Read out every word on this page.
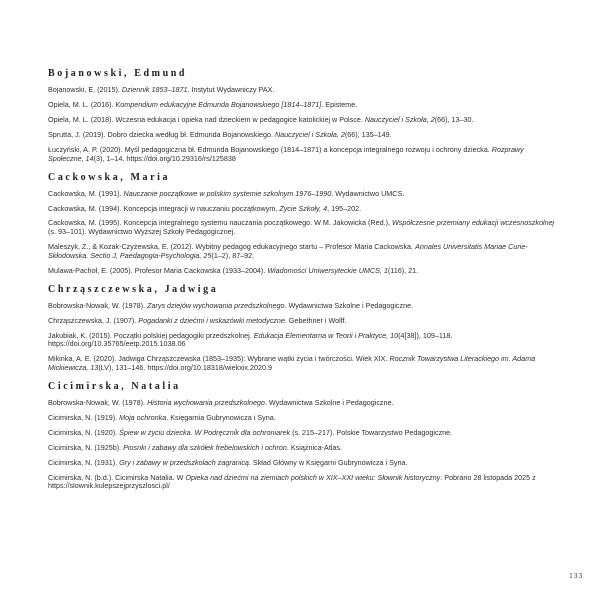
Bojanowski, Edmund
Bojanowski, E. (2015). Dziennik 1853–1871. Instytut Wydawniczy PAX.
Opiela, M. L. (2016). Kompendium edukacyjne Edmunda Bojanowskiego [1814–1871]. Episteme.
Opiela, M. L. (2018). Wczesna edukacja i opieka nad dzieckiem w pedagogice katolickiej w Polsce. Nauczyciel i Szkoła, 2(66), 13–30.
Sprutta, J. (2019). Dobro dziecka według bł. Edmunda Bojanowskiego. Nauczyciel i Szkoła, 2(66), 135–149.
Łuczyński, A. P. (2020). Myśl pedagogiczna bł. Edmunda Bojanowskiego (1814–1871) a koncepcja integralnego rozwoju i ochrony dziecka. Rozprawy Społeczne, 14(3), 1–14. https://doi.org/10.29316/rs/125838
Cackowska, Maria
Cackowska, M. (1991). Nauczanie początkowe w polskim systemie szkolnym 1976–1990. Wydawnictwo UMCS.
Cackowska, M. (1994). Koncepcja integracji w nauczaniu początkowym. Życie Szkoły, 4, 195–202.
Cackowska, M. (1995). Koncepcja integralnego systemu nauczania początkowego. W M. Jakowicka (Red.), Współczesne przemiany edukacji wczesnoszkolnej (s. 93–101). Wydawnictwo Wyższej Szkoły Pedagogicznej.
Maleszyk, Z., & Kozak-Czyżewska, E. (2012). Wybitny pedagog edukacyjnego startu – Profesor Maria Cackowska. Annales Universitatis Mariae Curie-Skłodowska. Sectio J, Paedagogia-Psychologia, 25(1–2), 87–92.
Mulawa-Pachoł, E. (2005). Profesor Maria Cackowska (1933–2004). Wiadomości Uniwersyteckie UMCS, 1(116), 21.
Chrząszczewska, Jadwiga
Bobrowska-Nowak, W. (1978). Zarys dziejów wychowania przedszkolnego. Wydawnictwa Szkolne i Pedagogiczne.
Chrząszczewska, J. (1907). Pogadanki z dziećmi i wskazówki metodyczne. Gebethner i Wolff.
Jakubiak, K. (2015). Początki polskiej pedagogiki przedszkolnej. Edukacja Elementarna w Teorii i Praktyce, 10(4[38]), 109–118. https://doi.org/10.35765/eetp.2015.1038.06
Mikinka, A. E. (2020). Jadwiga Chrząszczewska (1853–1935): Wybrane wątki życia i twórczości. Wiek XIX. Rocznik Towarzystwa Literackiego im. Adama Mickiewicza, 13(LV), 131–146. https://doi.org/10.18318/wiekxix.2020.9
Cicimirska, Natalia
Bobrowska-Nowak, W. (1978). Historia wychowania przedszkolnego. Wydawnictwa Szkolne i Pedagogiczne.
Cicimirska, N. (1919). Moja ochronka. Księgarnia Gubrynowicza i Syna.
Cicimirska, N. (1920). Śpiew w życiu dziecka. W Podręcznik dla ochroniarek (s. 215–217). Polskie Towarzystwo Pedagogiczne.
Cicimirska, N. (1925b). Piosnki i zabawy dla szkółek frebelowskich i ochron. Książnica-Atlas.
Cicimirska, N. (1931). Gry i zabawy w przedszkolach zagranicą. Skład Główny w Księgarni Gubrynowicza i Syna.
Cicimirska, N. (b.d.). Cicimirska Natalia. W Opieka nad dziećmi na ziemiach polskich w XIX–XXI wieku: Słownik historyczny. Pobrano 28 listopada 2025 z https://slownik.kulepszejprzyszlosci.pl/
133
